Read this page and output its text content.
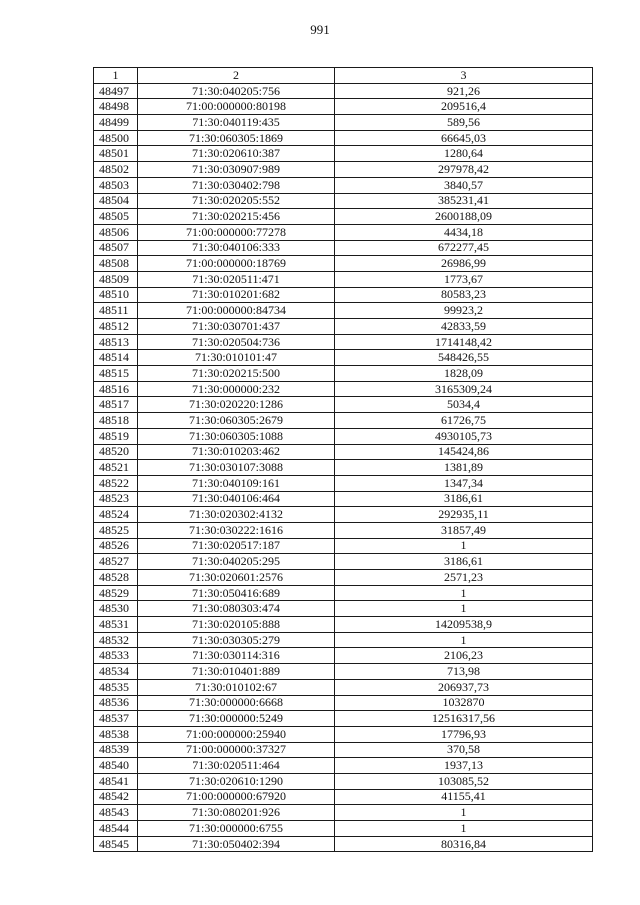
991
1	2	3
48497	71:30:040205:756	921,26
48498	71:00:000000:80198	209516,4
48499	71:30:040119:435	589,56
48500	71:30:060305:1869	66645,03
48501	71:30:020610:387	1280,64
48502	71:30:030907:989	297978,42
48503	71:30:030402:798	3840,57
48504	71:30:020205:552	385231,41
48505	71:30:020215:456	2600188,09
48506	71:00:000000:77278	4434,18
48507	71:30:040106:333	672277,45
48508	71:00:000000:18769	26986,99
48509	71:30:020511:471	1773,67
48510	71:30:010201:682	80583,23
48511	71:00:000000:84734	99923,2
48512	71:30:030701:437	42833,59
48513	71:30:020504:736	1714148,42
48514	71:30:010101:47	548426,55
48515	71:30:020215:500	1828,09
48516	71:30:000000:232	3165309,24
48517	71:30:020220:1286	5034,4
48518	71:30:060305:2679	61726,75
48519	71:30:060305:1088	4930105,73
48520	71:30:010203:462	145424,86
48521	71:30:030107:3088	1381,89
48522	71:30:040109:161	1347,34
48523	71:30:040106:464	3186,61
48524	71:30:020302:4132	292935,11
48525	71:30:030222:1616	31857,49
48526	71:30:020517:187	1
48527	71:30:040205:295	3186,61
48528	71:30:020601:2576	2571,23
48529	71:30:050416:689	1
48530	71:30:080303:474	1
48531	71:30:020105:888	14209538,9
48532	71:30:030305:279	1
48533	71:30:030114:316	2106,23
48534	71:30:010401:889	713,98
48535	71:30:010102:67	206937,73
48536	71:30:000000:6668	1032870
48537	71:30:000000:5249	12516317,56
48538	71:00:000000:25940	17796,93
48539	71:00:000000:37327	370,58
48540	71:30:020511:464	1937,13
48541	71:30:020610:1290	103085,52
48542	71:00:000000:67920	41155,41
48543	71:30:080201:926	1
48544	71:30:000000:6755	1
48545	71:30:050402:394	80316,84
